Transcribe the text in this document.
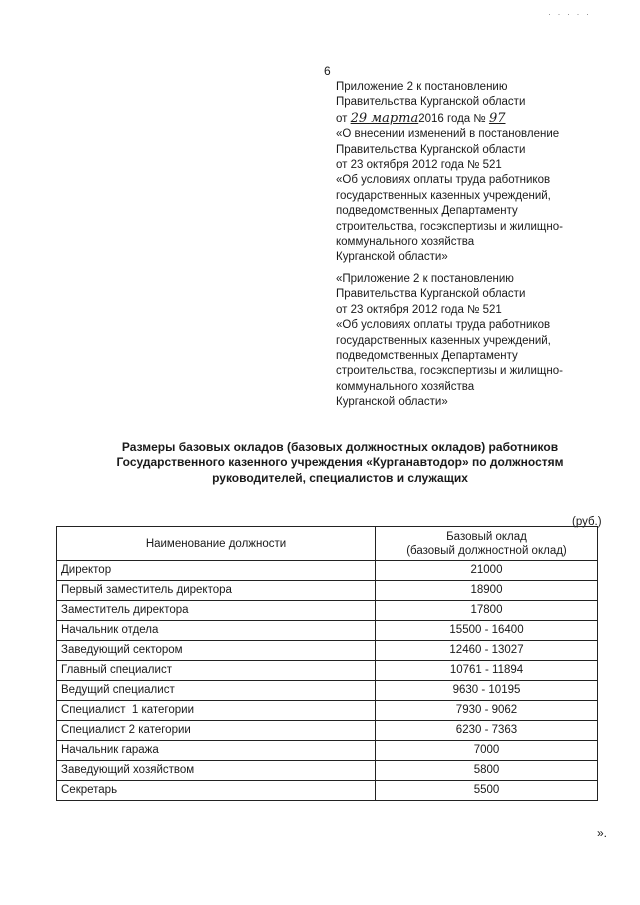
· · · · ·
6
Приложение 2 к постановлению
Правительства Курганской области
от 29 марта2016 года № 97
«О внесении изменений в постановление
Правительства Курганской области
от 23 октября 2012 года № 521
«Об условиях оплаты труда работников
государственных казенных учреждений,
подведомственных Департаменту
строительства, госэкспертизы и жилищно-
коммунального хозяйства
Курганской области»
«Приложение 2 к постановлению
Правительства Курганской области
от 23 октября 2012 года № 521
«Об условиях оплаты труда работников
государственных казенных учреждений,
подведомственных Департаменту
строительства, госэкспертизы и жилищно-
коммунального хозяйства
Курганской области»
Размеры базовых окладов (базовых должностных окладов) работников
Государственного казенного учреждения «Курганавтодор» по должностям
руководителей, специалистов и служащих
(руб.)
Наименование должности	Базовый оклад
(базовый должностной оклад)

Директор	21000
Первый заместитель директора	18900
Заместитель директора	17800
Начальник отдела	15500 - 16400
Заведующий сектором	12460 - 13027
Главный специалист	10761 - 11894
Ведущий специалист	9630 - 10195
Специалист  1 категории	7930 - 9062
Специалист 2 категории	6230 - 7363
Начальник гаража	7000
Заведующий хозяйством	5800
Секретарь	5500
».
